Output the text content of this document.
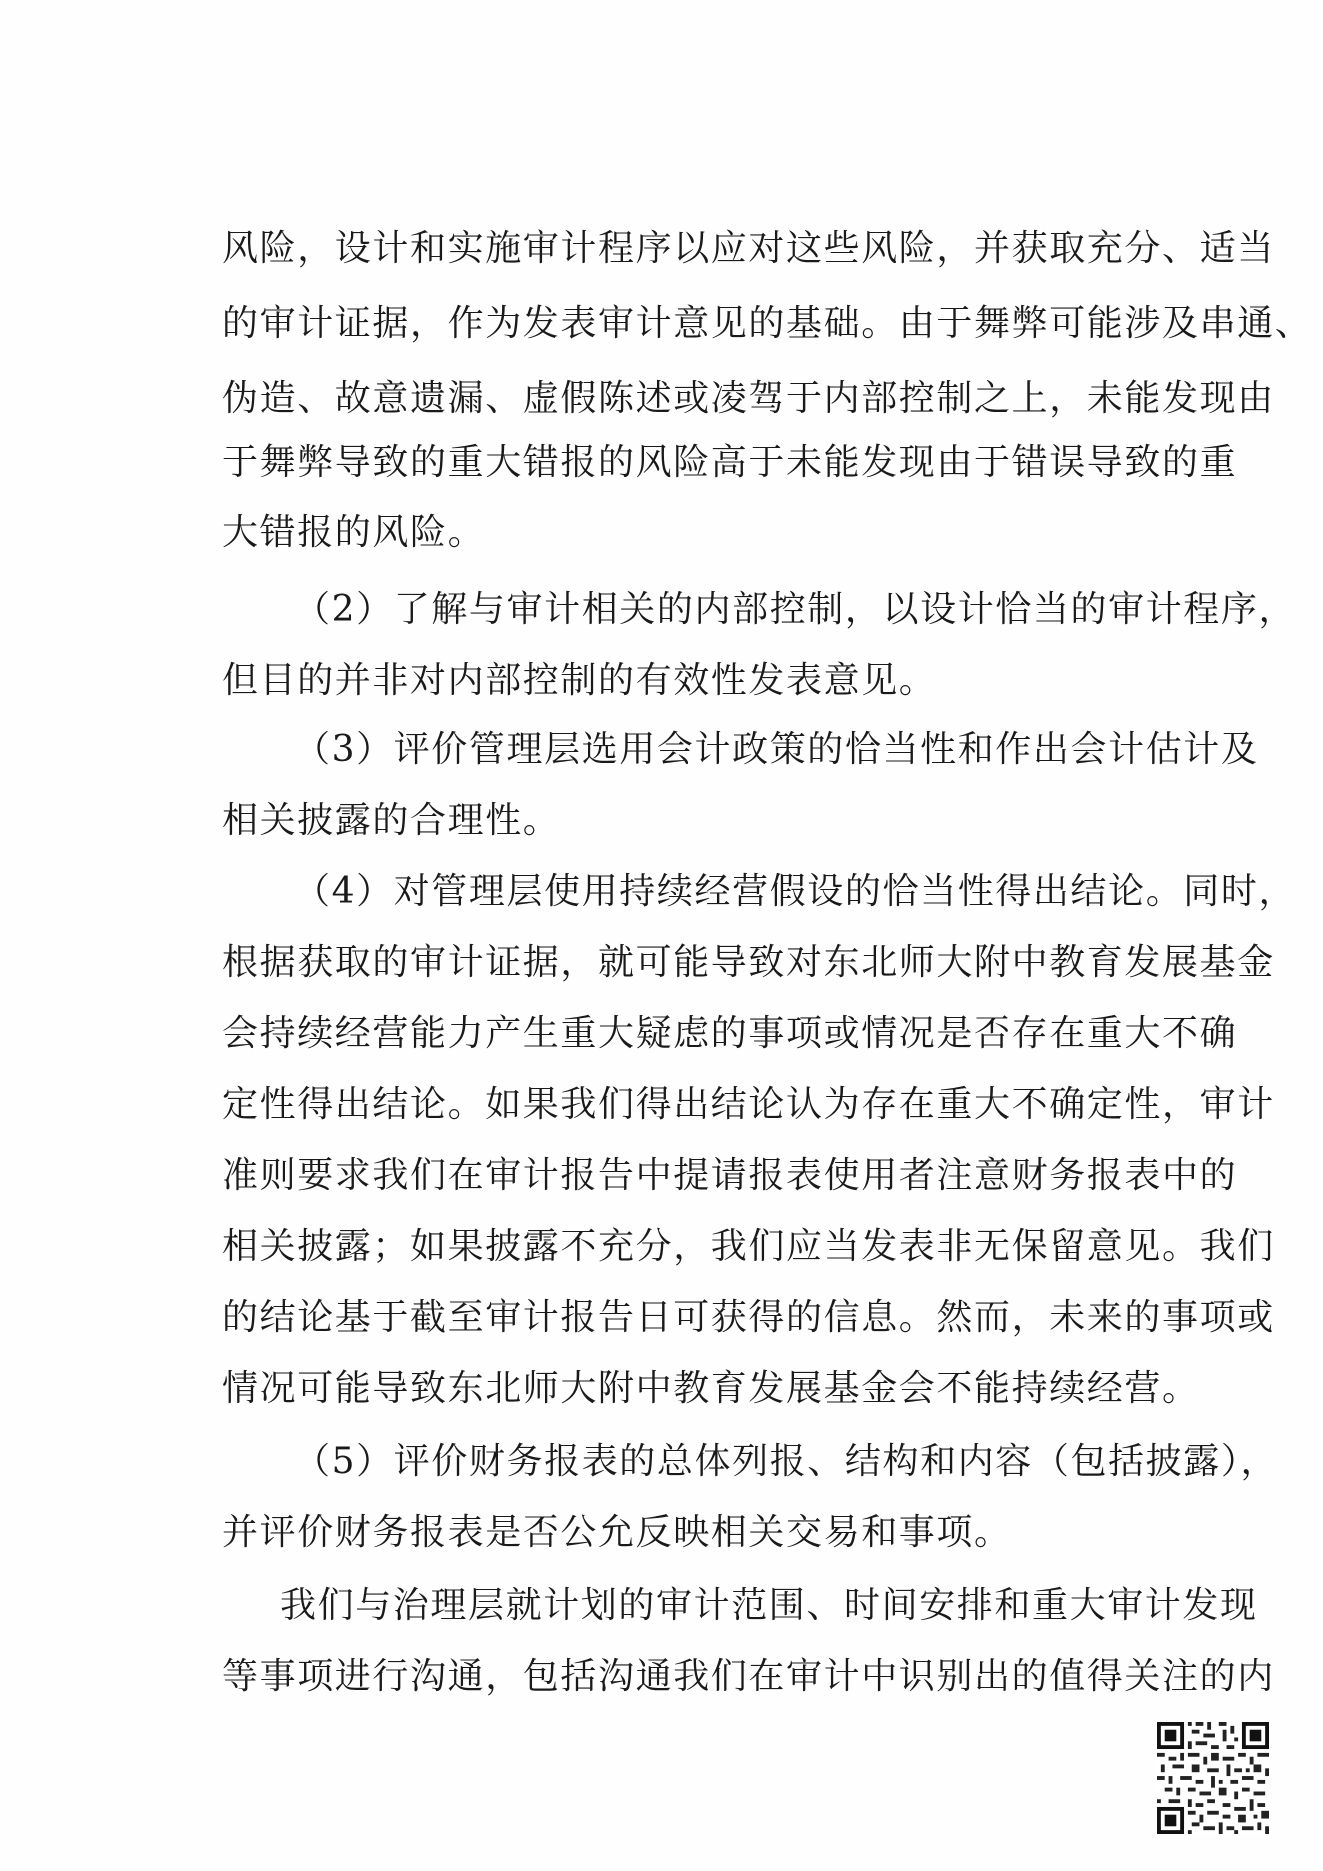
风险，设计和实施审计程序以应对这些风险，并获取充分、适当
的审计证据，作为发表审计意见的基础。由于舞弊可能涉及串通、
伪造、故意遗漏、虚假陈述或凌驾于内部控制之上，未能发现由
于舞弊导致的重大错报的风险高于未能发现由于错误导致的重
大错报的风险。
（2）了解与审计相关的内部控制，以设计恰当的审计程序，
但目的并非对内部控制的有效性发表意见。
（3）评价管理层选用会计政策的恰当性和作出会计估计及
相关披露的合理性。
（4）对管理层使用持续经营假设的恰当性得出结论。同时，
根据获取的审计证据，就可能导致对东北师大附中教育发展基金
会持续经营能力产生重大疑虑的事项或情况是否存在重大不确
定性得出结论。如果我们得出结论认为存在重大不确定性，审计
准则要求我们在审计报告中提请报表使用者注意财务报表中的
相关披露；如果披露不充分，我们应当发表非无保留意见。我们
的结论基于截至审计报告日可获得的信息。然而，未来的事项或
情况可能导致东北师大附中教育发展基金会不能持续经营。
（5）评价财务报表的总体列报、结构和内容（包括披露），
并评价财务报表是否公允反映相关交易和事项。
我们与治理层就计划的审计范围、时间安排和重大审计发现
等事项进行沟通，包括沟通我们在审计中识别出的值得关注的内
